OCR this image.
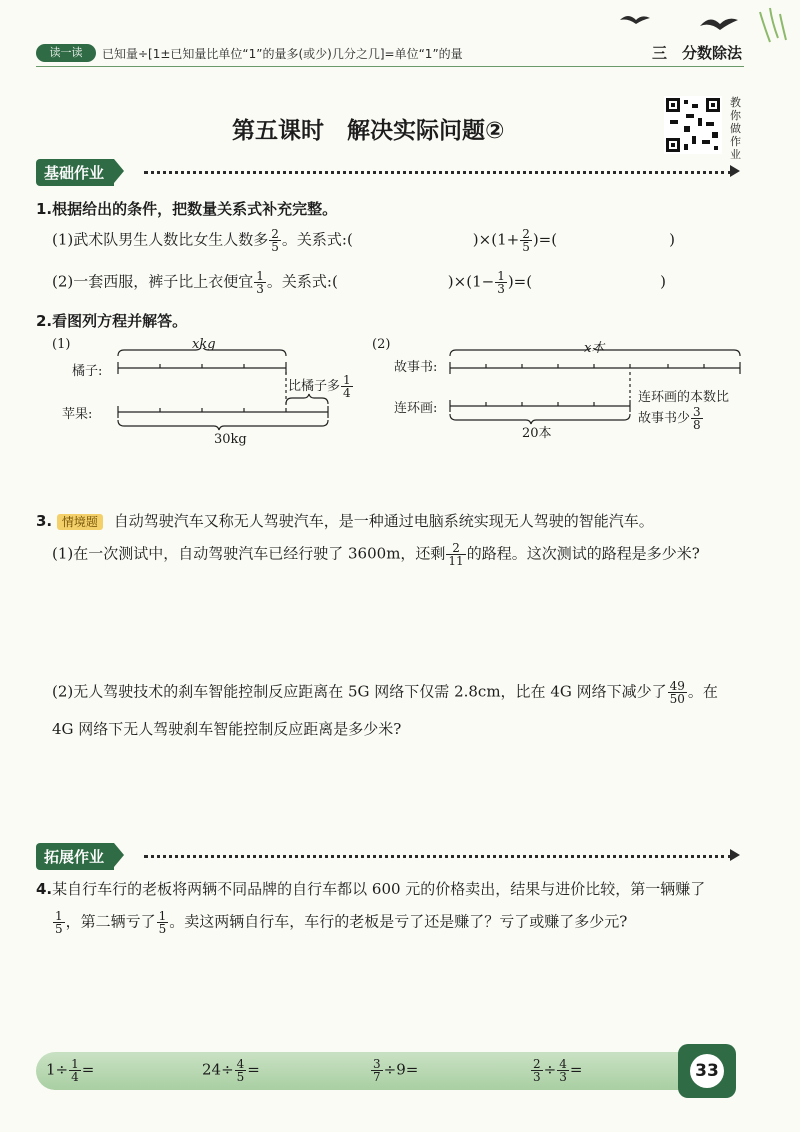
读一读	已知量÷[1±已知量比单位“1”的量多(或少)几分之几]=单位“1”的量	三　分数除法
第五课时　解决实际问题②
教你做作业
基础作业
1.根据给出的条件，把数量关系式补充完整。
(1)武术队男生人数比女生人数多 $\frac{2}{5}$ 。关系式:(	)$\times(1+ \frac{2}{5}$ )=(	)
(2)一套西服，裤子比上衣便宜 $\frac{1}{3}$ 。关系式:(	)$\times(1- \frac{1}{3}$ )=(	)
2.看图列方程并解答。
(1)	xkg
橘子:
苹果:
比橘子多 $\frac{1}{4}$
30kg
(2)	x本
故事书:
连环画:
连环画的本数比
故事书少 $\frac{3}{8}$
20本
3. 情境题 自动驾驶汽车又称无人驾驶汽车，是一种通过电脑系统实现无人驾驶的智能汽车。
(1)在一次测试中，自动驾驶汽车已经行驶了 3600m，还剩 $\frac{2}{11}$ 的路程。这次测试的路程是多少米?
(2)无人驾驶技术的刹车智能控制反应距离在 5G 网络下仅需 2.8cm，比在 4G 网络下减少了 $\frac{49}{50}$ 。在
4G 网络下无人驾驶刹车智能控制反应距离是多少米?
拓展作业
4.某自行车行的老板将两辆不同品牌的自行车都以 600 元的价格卖出，结果与进价比较，第一辆赚了
$\frac{1}{5}$ ，第二辆亏了 $\frac{1}{5}$ 。卖这两辆自行车，车行的老板是亏了还是赚了？亏了或赚了多少元?
$1\div \frac{1}{4}$ =	$24\div \frac{4}{5}$ =	$\frac{3}{7} \div 9=$	$\frac{2}{3} \div \frac{4}{3}$ =	33
